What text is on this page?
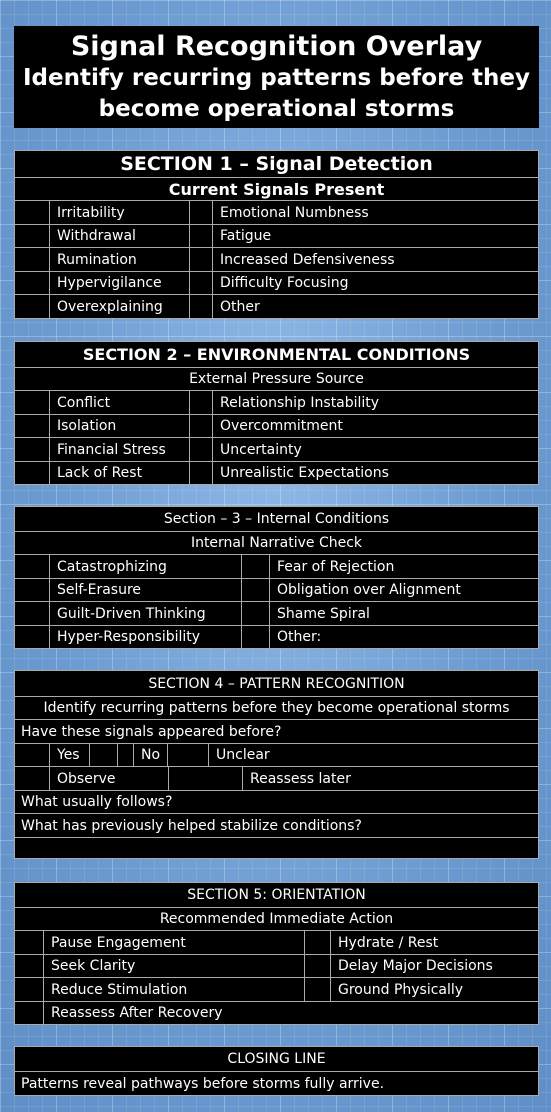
Signal Recognition Overlay
Identify recurring patterns before they
become operational storms
SECTION 1 – Signal Detection
Current Signals Present
Irritability	Emotional Numbness
Withdrawal	Fatigue
Rumination	Increased Defensiveness
Hypervigilance	Difficulty Focusing
Overexplaining	Other
SECTION 2 – ENVIRONMENTAL CONDITIONS
External Pressure Source
Conflict	Relationship Instability
Isolation	Overcommitment
Financial Stress	Uncertainty
Lack of Rest	Unrealistic Expectations
Section – 3 – Internal Conditions
Internal Narrative Check
Catastrophizing	Fear of Rejection
Self-Erasure	Obligation over Alignment
Guilt-Driven Thinking	Shame Spiral
Hyper-Responsibility	Other:
SECTION 4 – PATTERN RECOGNITION
Identify recurring patterns before they become operational storms
Have these signals appeared before?
Yes	No	Unclear
Observe	Reassess later
What usually follows?
What has previously helped stabilize conditions?
SECTION 5: ORIENTATION
Recommended Immediate Action
Pause Engagement	Hydrate / Rest
Seek Clarity	Delay Major Decisions
Reduce Stimulation	Ground Physically
Reassess After Recovery
CLOSING LINE
Patterns reveal pathways before storms fully arrive.
